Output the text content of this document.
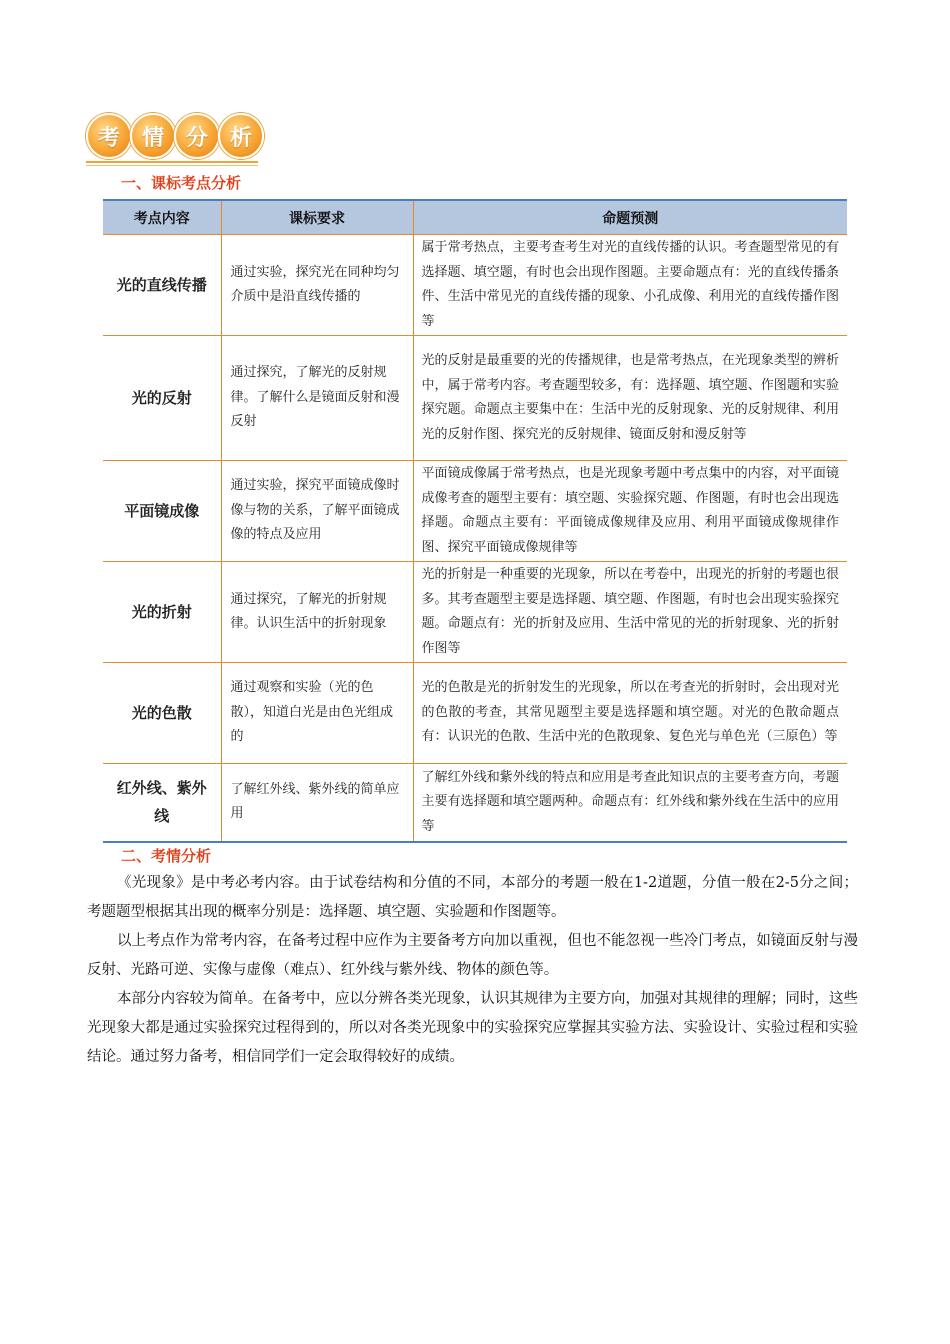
考 情 分 析
一、课标考点分析
考点内容	课标要求	命题预测
光的直线传播	通过实验，探究光在同种均匀介质中是沿直线传播的	属于常考热点，主要考查考生对光的直线传播的认识。考查题型常见的有选择题、填空题，有时也会出现作图题。主要命题点有：光的直线传播条件、生活中常见光的直线传播的现象、小孔成像、利用光的直线传播作图等
光的反射	通过探究，了解光的反射规律。了解什么是镜面反射和漫反射	光的反射是最重要的光的传播规律，也是常考热点，在光现象类型的辨析中，属于常考内容。考查题型较多，有：选择题、填空题、作图题和实验探究题。命题点主要集中在：生活中光的反射现象、光的反射规律、利用光的反射作图、探究光的反射规律、镜面反射和漫反射等
平面镜成像	通过实验，探究平面镜成像时像与物的关系，了解平面镜成像的特点及应用	平面镜成像属于常考热点，也是光现象考题中考点集中的内容，对平面镜成像考查的题型主要有：填空题、实验探究题、作图题，有时也会出现选择题。命题点主要有：平面镜成像规律及应用、利用平面镜成像规律作图、探究平面镜成像规律等
光的折射	通过探究，了解光的折射规律。认识生活中的折射现象	光的折射是一种重要的光现象，所以在考卷中，出现光的折射的考题也很多。其考查题型主要是选择题、填空题、作图题，有时也会出现实验探究题。命题点有：光的折射及应用、生活中常见的光的折射现象、光的折射作图等
光的色散	通过观察和实验（光的色散），知道白光是由色光组成的	光的色散是光的折射发生的光现象，所以在考查光的折射时，会出现对光的色散的考查，其常见题型主要是选择题和填空题。对光的色散命题点有：认识光的色散、生活中光的色散现象、复色光与单色光（三原色）等
红外线、紫外线	了解红外线、紫外线的简单应用	了解红外线和紫外线的特点和应用是考查此知识点的主要考查方向，考题主要有选择题和填空题两种。命题点有：红外线和紫外线在生活中的应用等
二、考情分析

《光现象》是中考必考内容。由于试卷结构和分值的不同，本部分的考题一般在1-2道题，分值一般在2-5分之间；考题题型根据其出现的概率分别是：选择题、填空题、实验题和作图题等。

以上考点作为常考内容，在备考过程中应作为主要备考方向加以重视，但也不能忽视一些冷门考点，如镜面反射与漫反射、光路可逆、实像与虚像（难点）、红外线与紫外线、物体的颜色等。

本部分内容较为简单。在备考中，应以分辨各类光现象，认识其规律为主要方向，加强对其规律的理解；同时，这些光现象大都是通过实验探究过程得到的，所以对各类光现象中的实验探究应掌握其实验方法、实验设计、实验过程和实验结论。通过努力备考，相信同学们一定会取得较好的成绩。
